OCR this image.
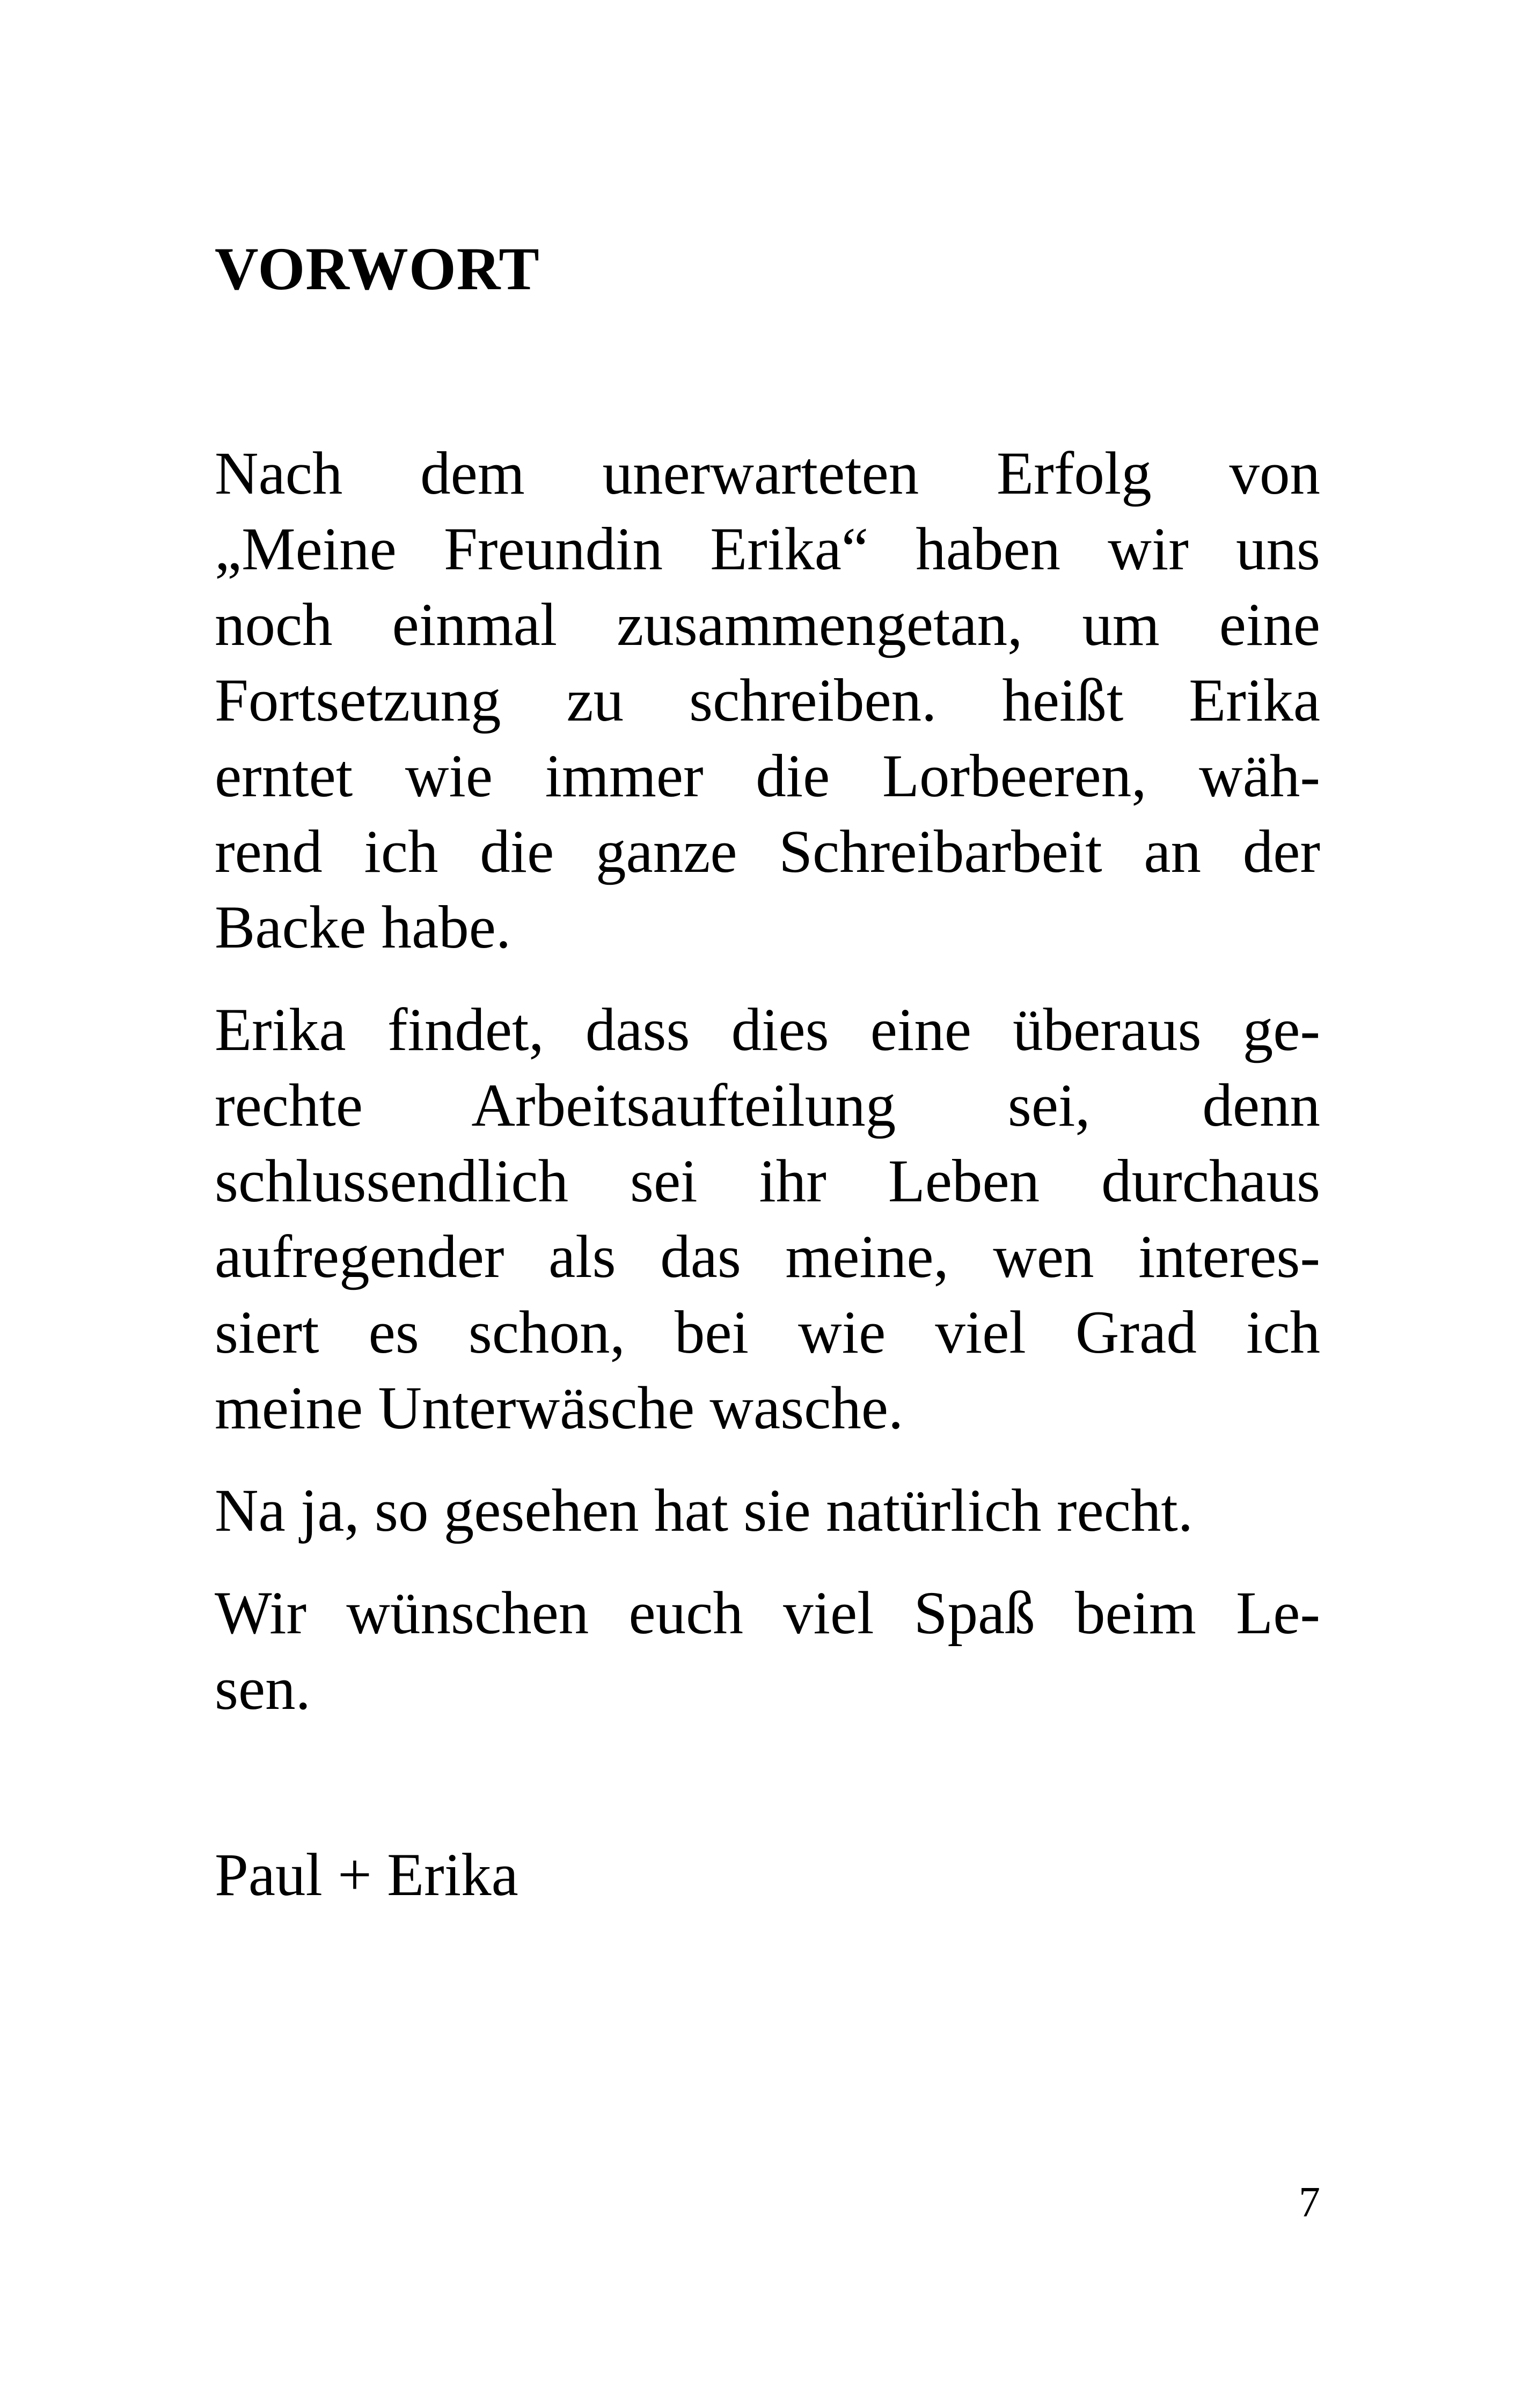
VORWORT

Nach dem unerwarteten Erfolg von
„Meine Freundin Erika“ haben wir uns
noch einmal zusammengetan, um eine
Fortsetzung zu schreiben. heißt Erika
erntet wie immer die Lorbeeren, wäh-
rend ich die ganze Schreibarbeit an der
Backe habe.

Erika findet, dass dies eine überaus ge-
rechte Arbeitsaufteilung sei, denn
schlussendlich sei ihr Leben durchaus
aufregender als das meine, wen interes-
siert es schon, bei wie viel Grad ich
meine Unterwäsche wasche.

Na ja, so gesehen hat sie natürlich recht.

Wir wünschen euch viel Spaß beim Le-
sen.

Paul + Erika

7
